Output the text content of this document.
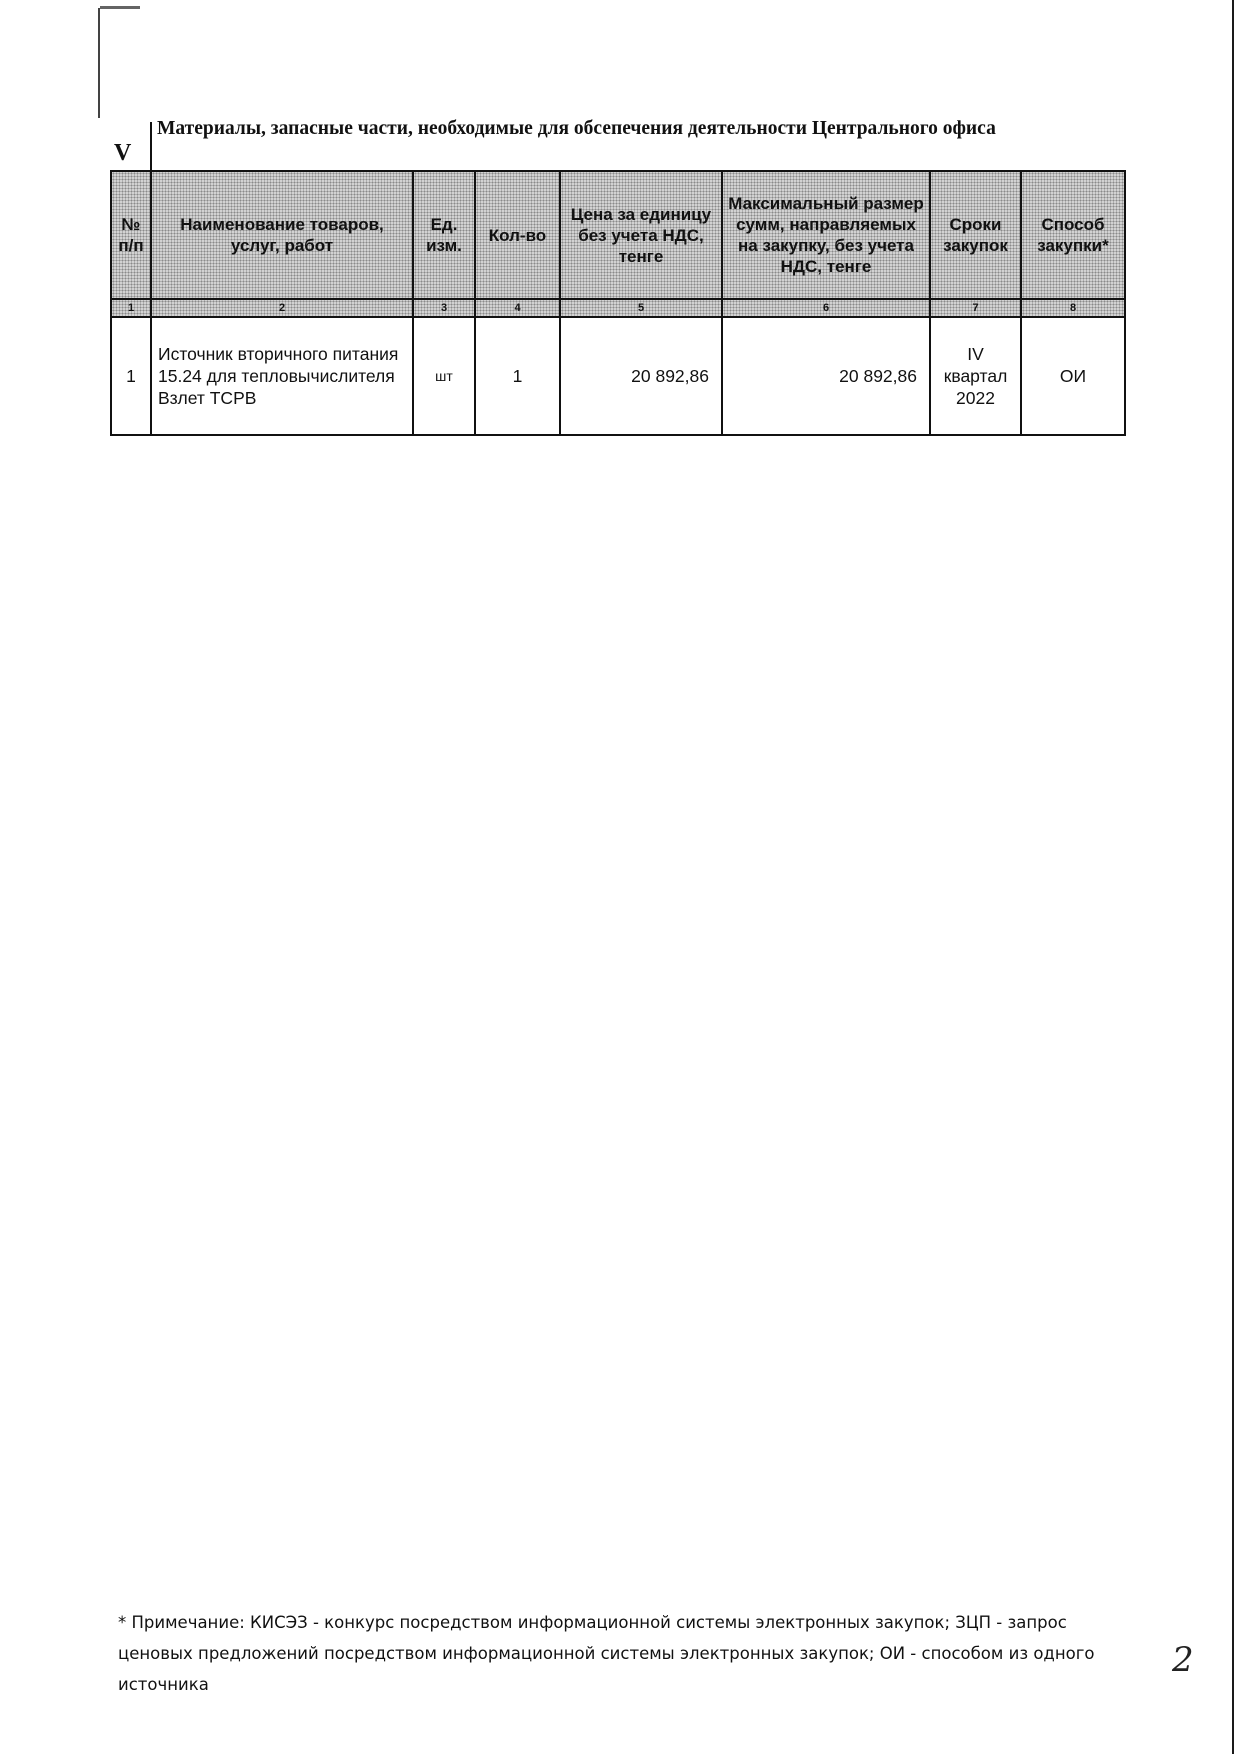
V
Материалы, запасные части, необходимые для обсепечения деятельности Центрального офиса
№ п/п	Наименование товаров, услуг, работ	Ед. изм.	Кол-во	Цена за единицу без учета НДС, тенге	Максимальный размер сумм, направляемых на закупку, без учета НДС, тенге	Сроки закупок	Способ закупки*
1	2	3	4	5	6	7	8
1	Источник вторичного питания 15.24 для тепловычислителя Взлет ТСРВ	шт	1	20 892,86	20 892,86	IV квартал 2022	ОИ
* Примечание: КИСЭЗ - конкурс посредством информационной системы электронных закупок; ЗЦП - запрос ценовых предложений посредством информационной системы электронных закупок; ОИ - способом из одного источника
2
